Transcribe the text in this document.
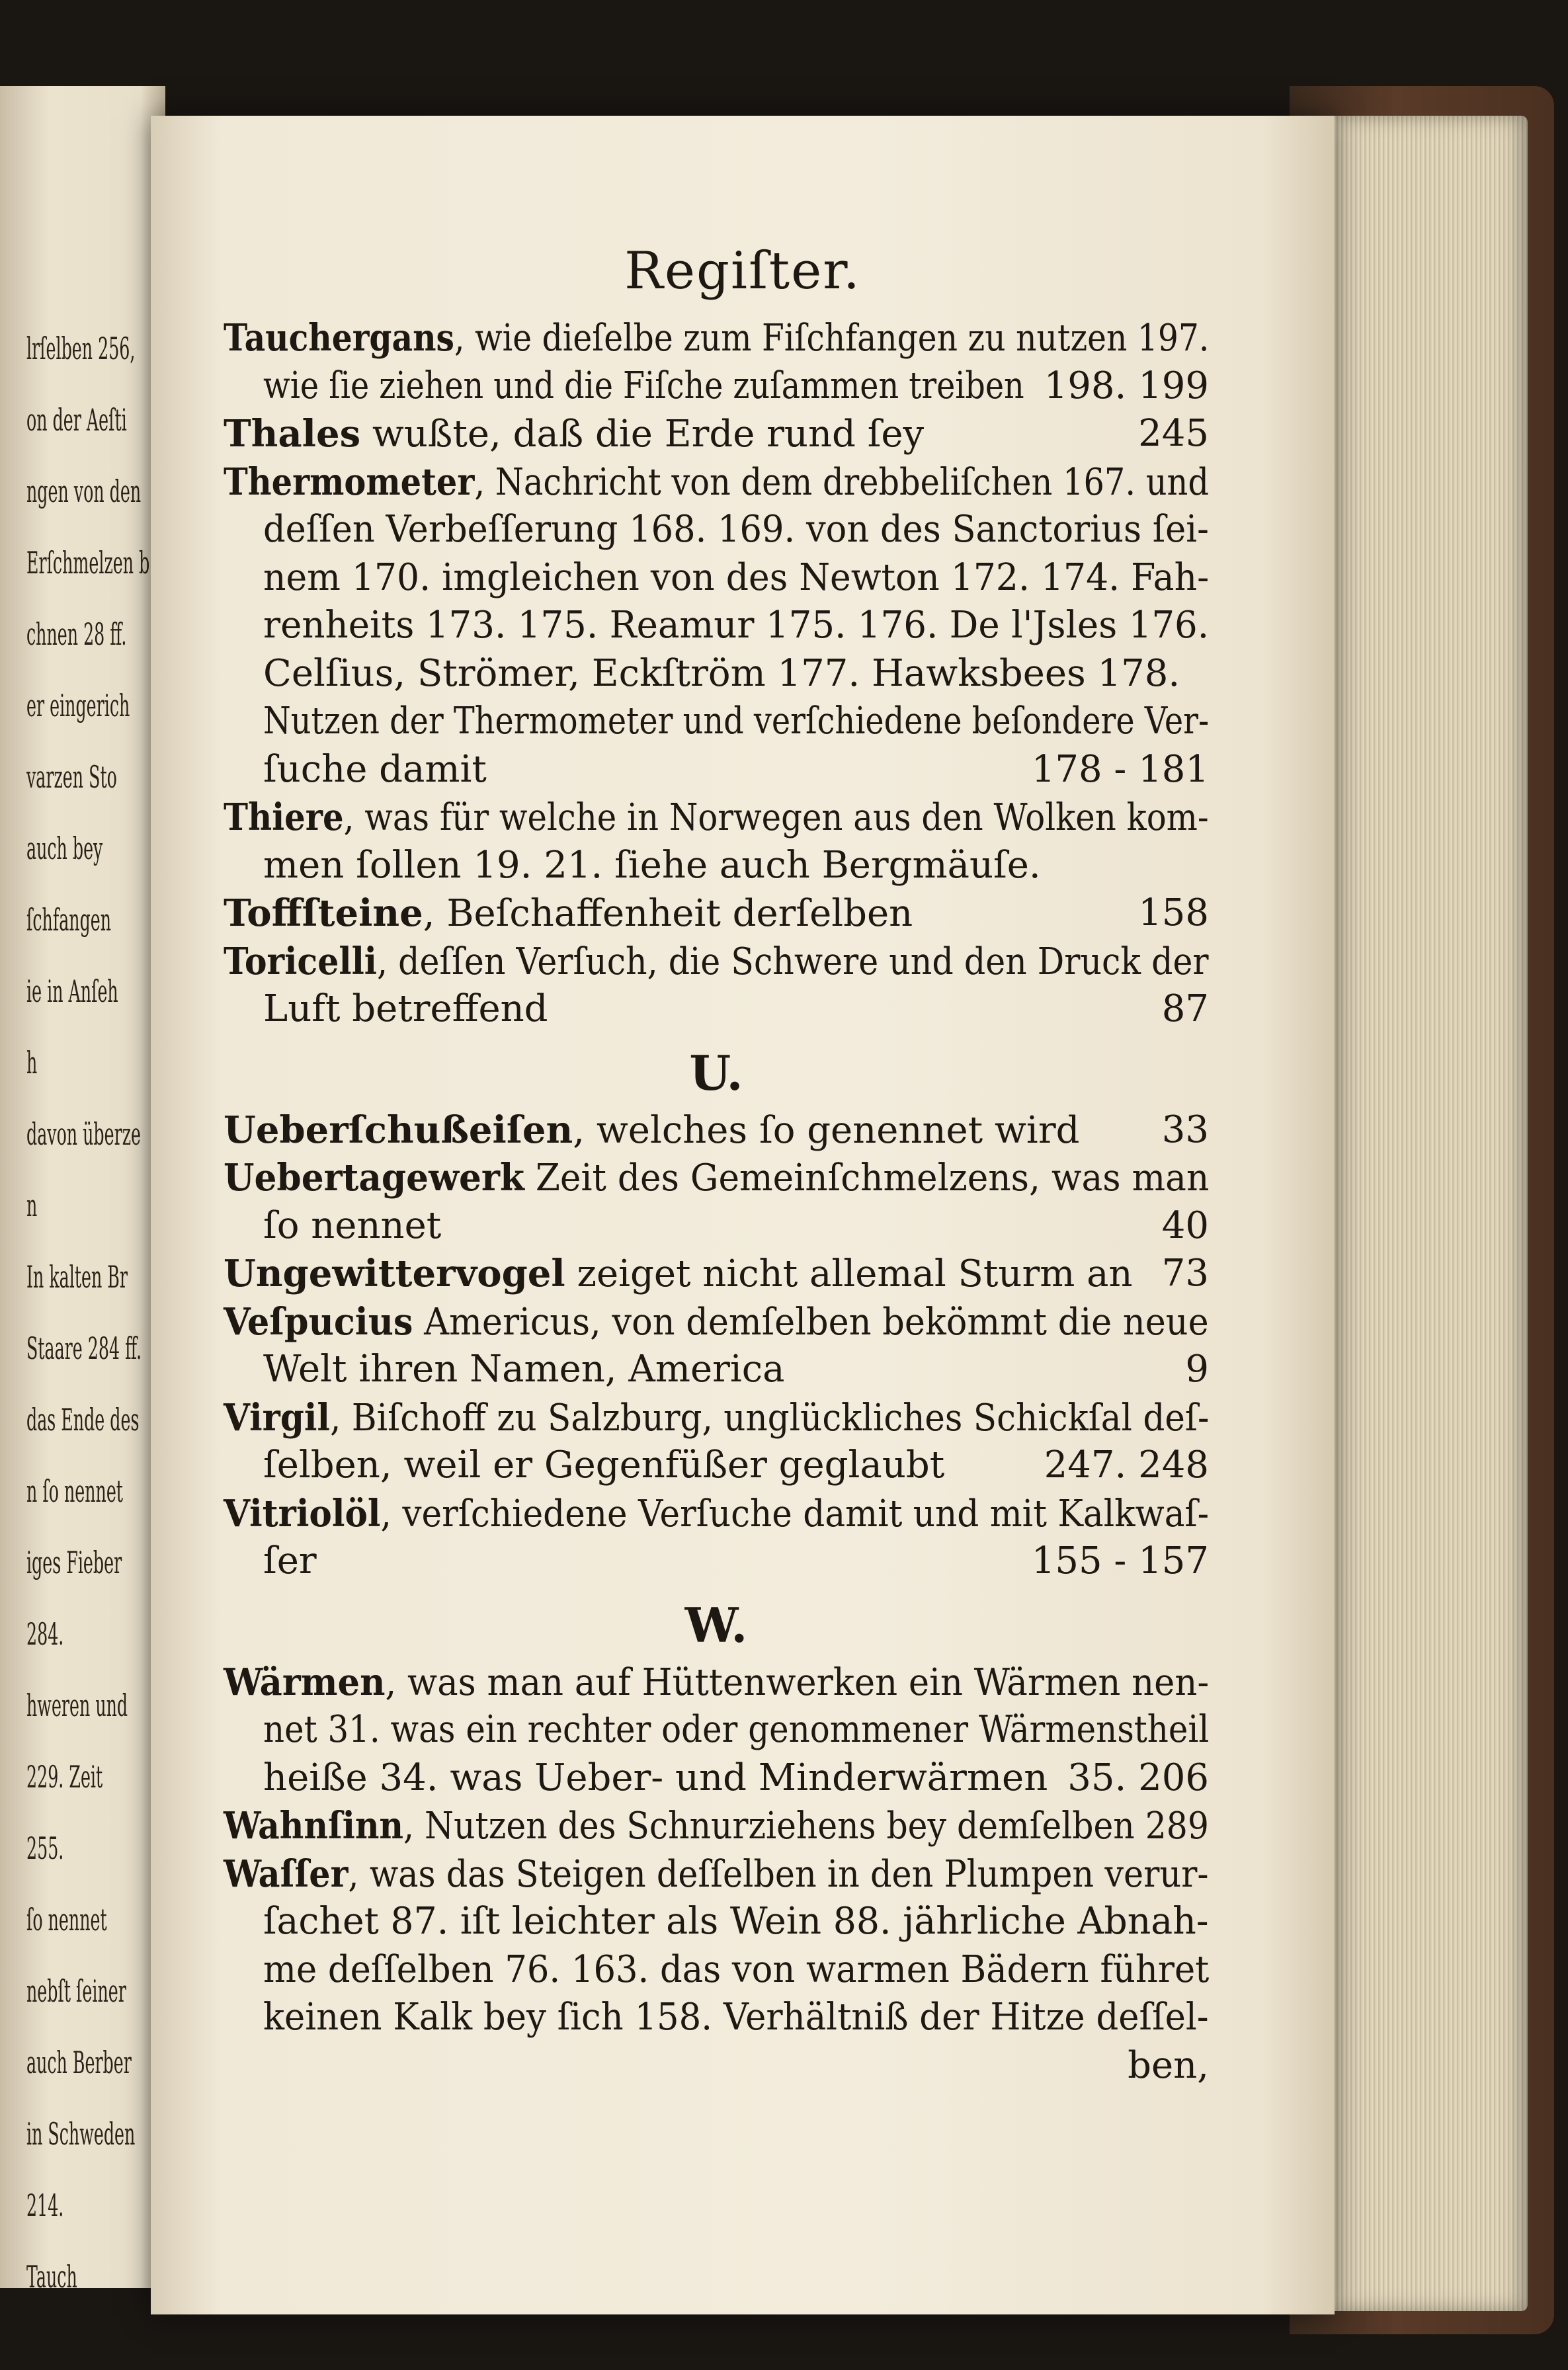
lrſelben 256,
on der Aeſti
ngen von den
Erſchmelzen b
chnen 28 ff.
er eingerich
varzen Sto
auch bey
ſchfangen
ie in Anſeh
h
davon überze
n
In kalten Br
Staare 284 ff.
das Ende des
n ſo nennet
iges Fieber
284.
hweren und
229. Zeit
255.
ſo nennet
nebſt ſeiner
auch Berber
in Schweden
214.
Tauch
Regiſter.
Tauchergans, wie dieſelbe zum Fiſchfangen zu nutzen 197.
wie ſie ziehen und die Fiſche zuſammen treiben 198. 199
Thales wußte, daß die Erde rund ſey	245
Thermometer, Nachricht von dem drebbeliſchen 167. und
deſſen Verbeſſerung 168. 169. von des Sanctorius ſei-
nem 170. imgleichen von des Newton 172. 174. Fah-
renheits 173. 175. Reamur 175. 176. De l'Jsles 176.
Celſius, Strömer, Eckſtröm 177. Hawksbees 178.
Nutzen der Thermometer und verſchiedene beſondere Ver-
ſuche damit	178 - 181
Thiere, was für welche in Norwegen aus den Wolken kom-
men ſollen 19. 21. ſiehe auch Bergmäuſe.
Toffſteine, Beſchaffenheit derſelben	158
Toricelli, deſſen Verſuch, die Schwere und den Druck der
Luft betreffend	87
U.
Ueberſchußeiſen, welches ſo genennet wird 33
Uebertagewerk Zeit des Gemeinſchmelzens, was man
ſo nennet	40
Ungewittervogel zeiget nicht allemal Sturm an 73
Veſpucius Americus, von demſelben bekömmt die neue
Welt ihren Namen, America	9
Virgil, Biſchoff zu Salzburg, unglückliches Schickſal deſ-
ſelben, weil er Gegenfüßer geglaubt	247. 248
Vitriolöl, verſchiedene Verſuche damit und mit Kalkwaſ-
ſer	155 - 157
W.
Wärmen, was man auf Hüttenwerken ein Wärmen nen-
net 31. was ein rechter oder genommener Wärmenstheil
heiße 34. was Ueber- und Minderwärmen 35. 206
Wahnſinn, Nutzen des Schnurziehens bey demſelben 289
Waſſer, was das Steigen deſſelben in den Plumpen verur-
ſachet 87. iſt leichter als Wein 88. jährliche Abnah-
me deſſelben 76. 163. das von warmen Bädern führet
keinen Kalk bey ſich 158. Verhältniß der Hitze deſſel-
ben,
